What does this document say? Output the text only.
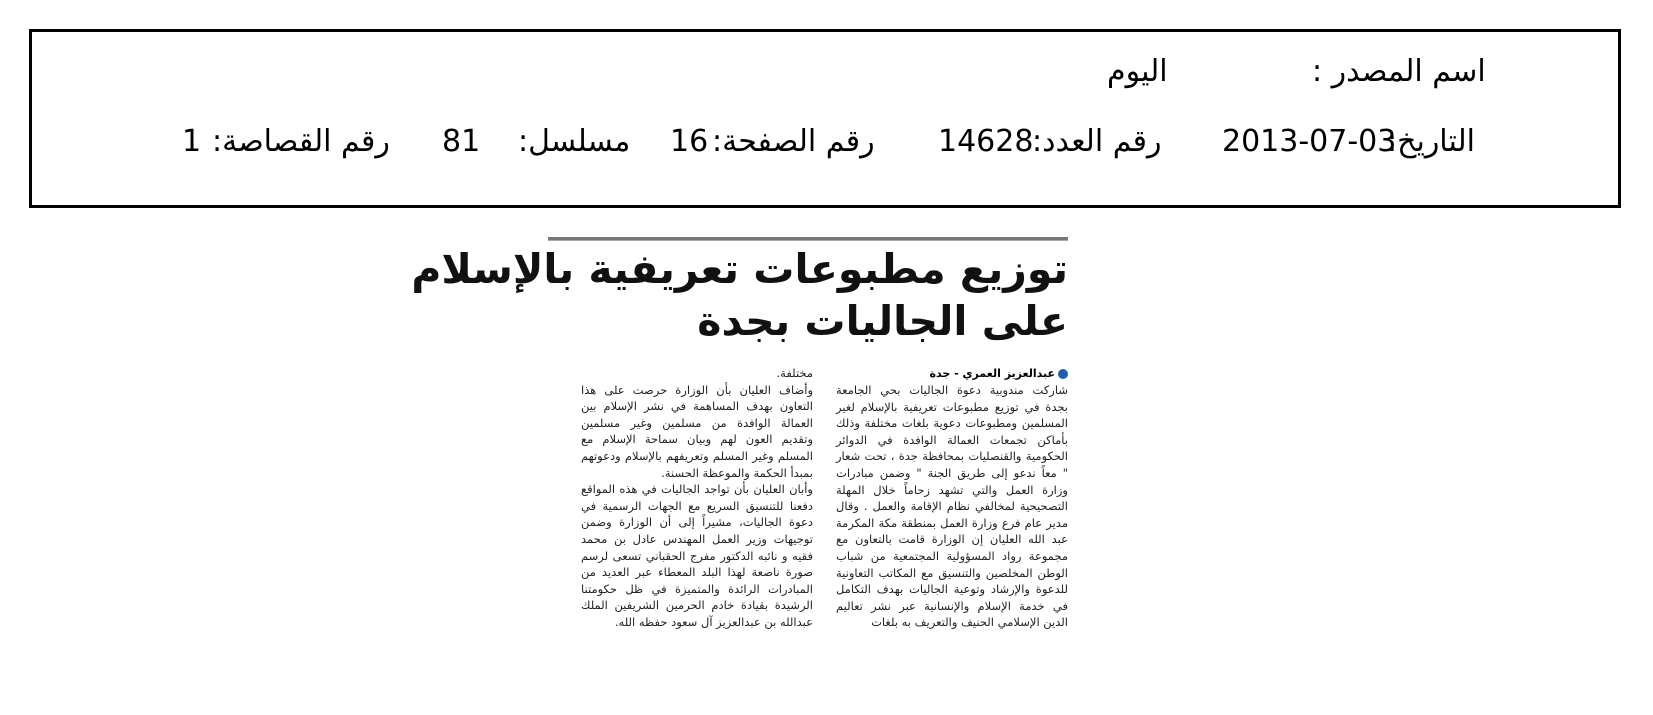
اسم المصدر :
اليوم
التاريخ:
2013-07-03
رقم العدد:
14628
رقم الصفحة:
16
مسلسل:
81
رقم القصاصة:
1
توزيع مطبوعات تعريفية بالإسلام
على الجاليات بجدة
عبدالعزيز العمري - جدة
شاركت مندوبية دعوة الجاليات بحي الجامعة بجدة في توزيع مطبوعات تعريفية بالإسلام لغير المسلمين ومطبوعات دعوية بلغات مختلفة وذلك بأماكن تجمعات العمالة الوافدة في الدوائر الحكومية والقنصليات بمحافظة جدة ، تحت شعار " معاً ندعو إلى طريق الجنة " وضمن مبادرات وزارة العمل والتي تشهد زحاماً خلال المهلة التصحيحية لمخالفي نظام الإقامة والعمل . وقال مدير عام فرع وزارة العمل بمنطقة مكة المكرمة عبد الله العليان إن الوزارة قامت بالتعاون مع مجموعة رواد المسؤولية المجتمعية من شباب الوطن المخلصين والتنسيق مع المكاتب التعاونية للدعوة والإرشاد وتوعية الجاليات بهدف التكامل في خدمة الإسلام والإنسانية عبر نشر تعاليم الدين الإسلامي الحنيف والتعريف به بلغات
مختلفة.
وأضاف العليان بأن الوزارة حرصت على هذا التعاون بهدف المساهمة في نشر الإسلام بين العمالة الوافدة من مسلمين وغير مسلمين وتقديم العون لهم وبيان سماحة الإسلام مع المسلم وغير المسلم وتعريفهم بالإسلام ودعوتهم بمبدأ الحكمة والموعظة الحسنة.
وأبان العليان بأن تواجد الجاليات في هذه المواقع دفعنا للتنسيق السريع مع الجهات الرسمية في دعوة الجاليات، مشيراً إلى أن الوزارة وضمن توجيهات وزير العمل المهندس عادل بن محمد فقيه و نائبه الدكتور مفرج الحقباني تسعى لرسم صورة ناصعة لهذا البلد المعطاء عبر العديد من المبادرات الرائدة والمتميزة في ظل حكومتنا الرشيدة بقيادة خادم الحرمين الشريفين الملك عبدالله بن عبدالعزيز آل سعود حفظه الله.
